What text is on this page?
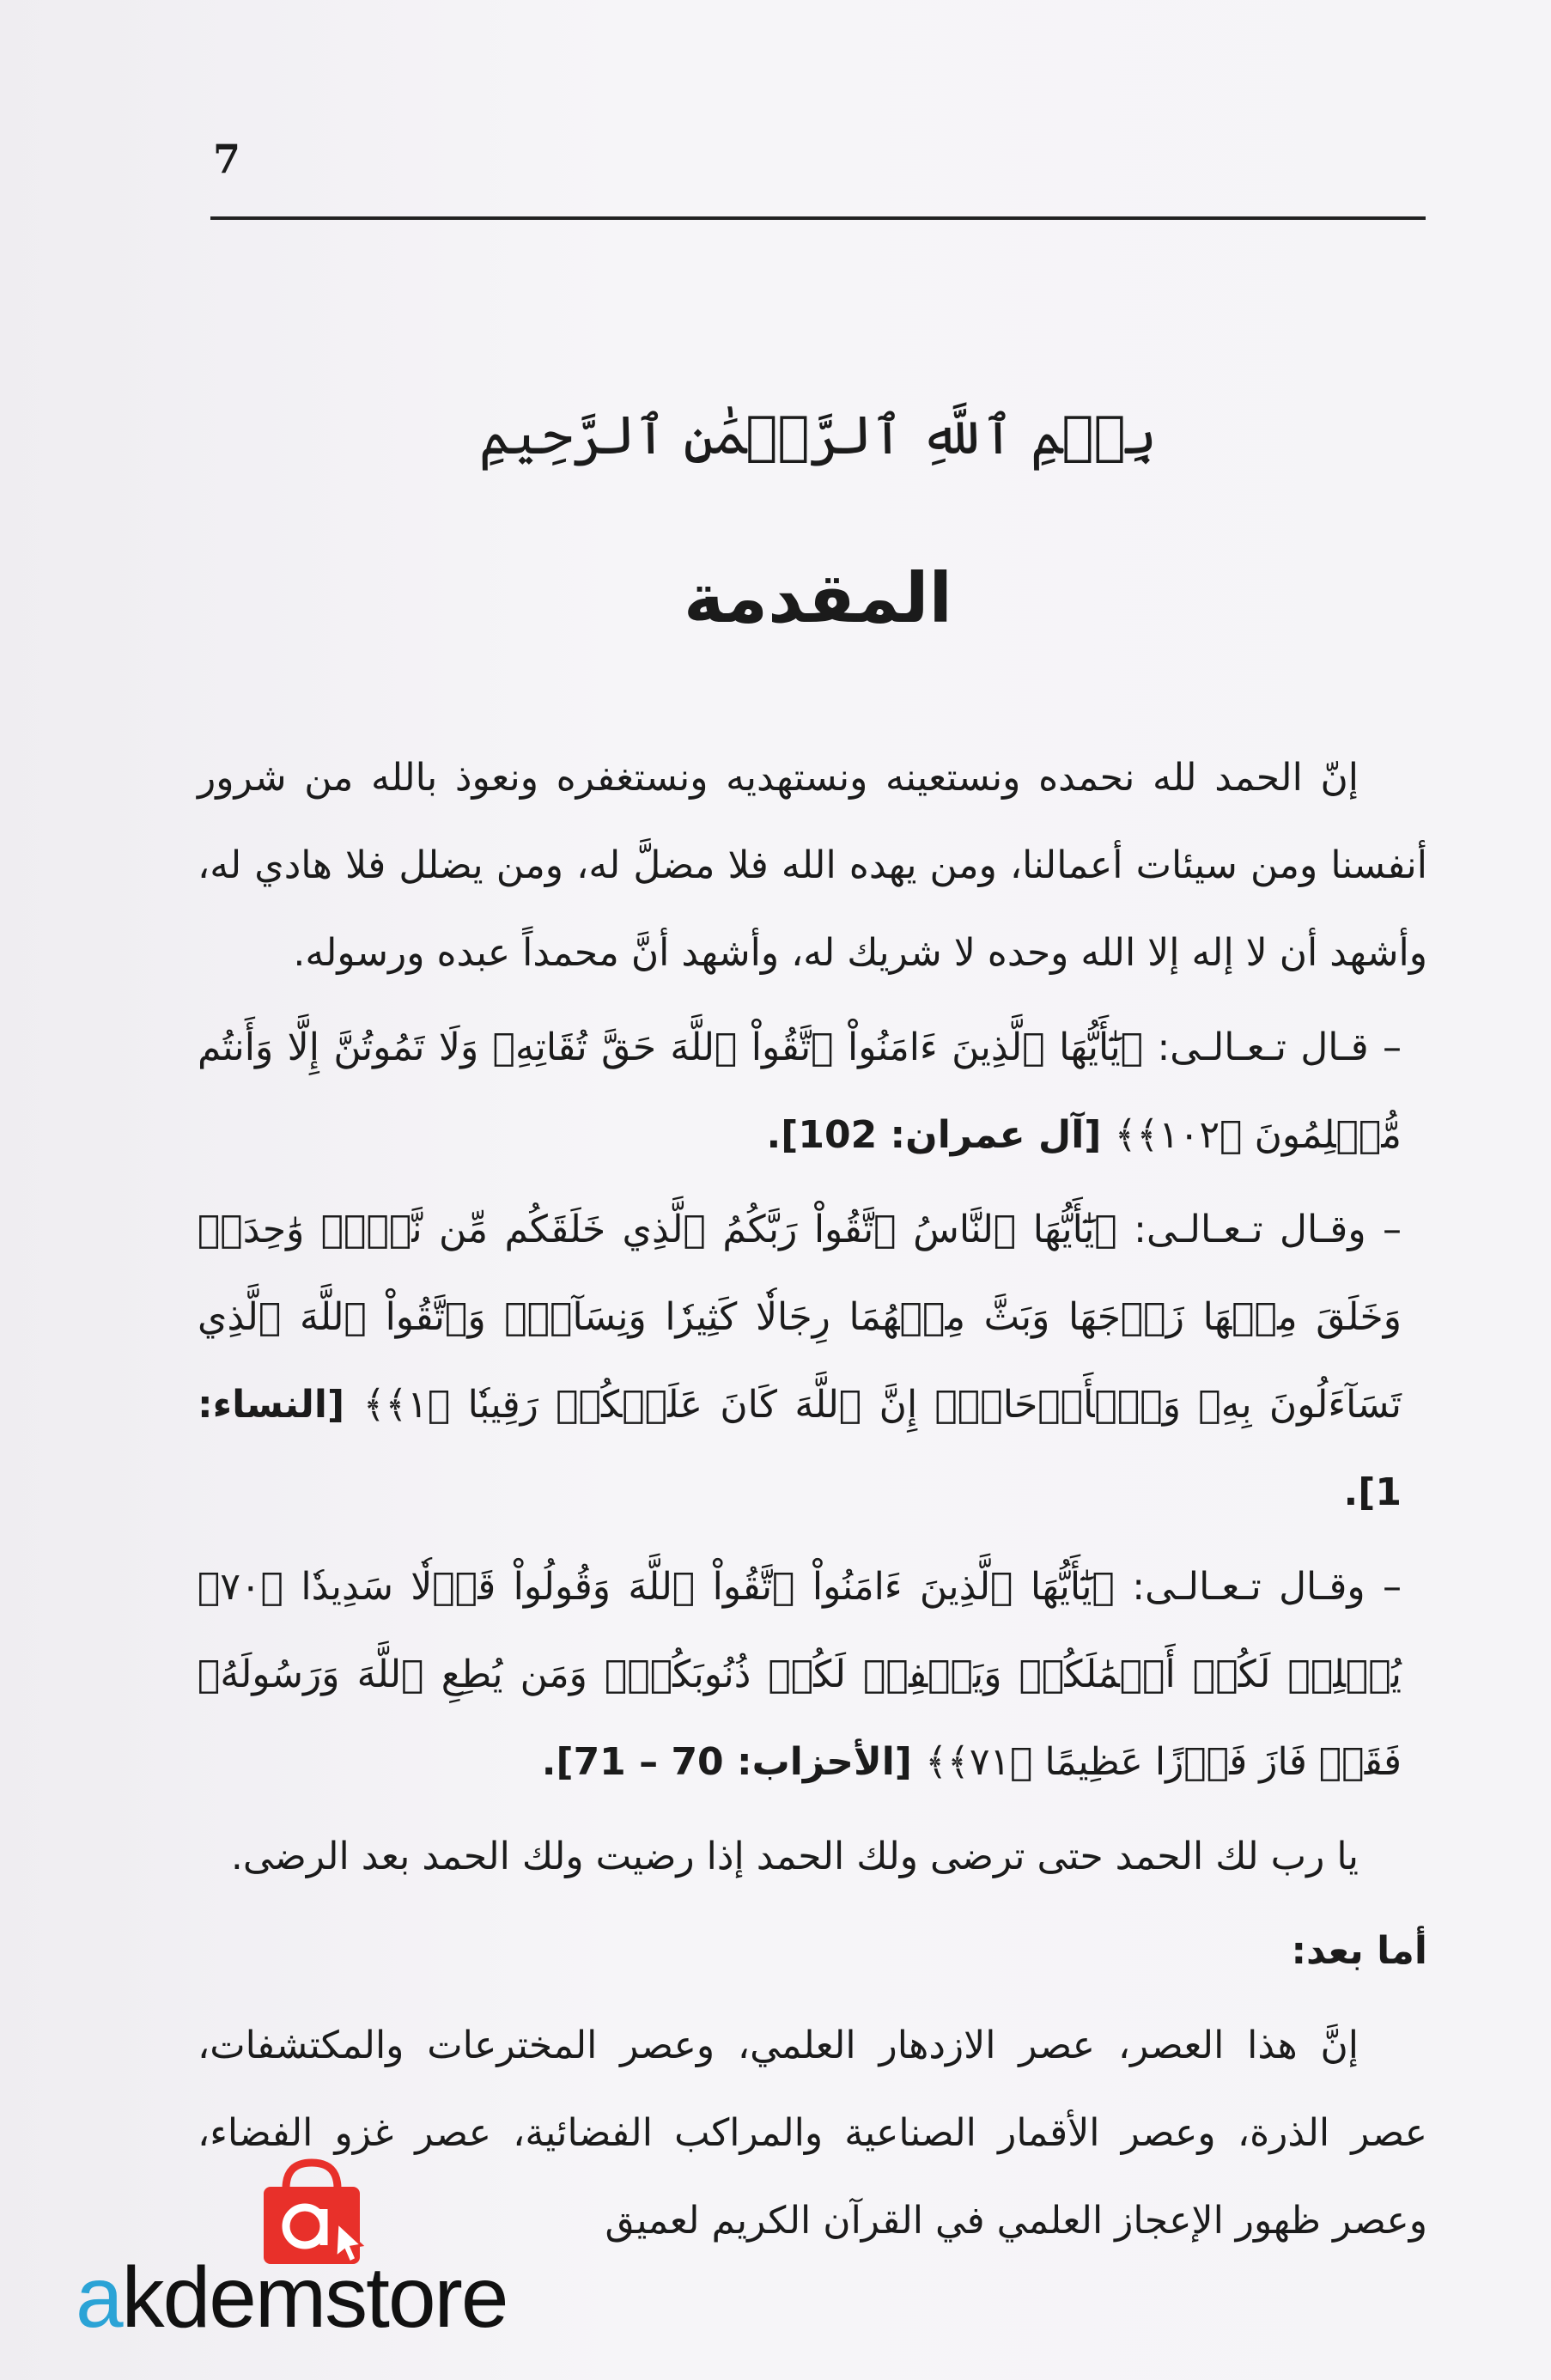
7
بِسۡمِ ٱللَّهِ ٱلرَّحۡمَٰنِ ٱلرَّحِيمِ
المقدمة

إنّ الحمد لله نحمده ونستعينه ونستهديه ونستغفره ونعوذ بالله من شرور أنفسنا ومن سيئات أعمالنا، ومن يهده الله فلا مضلَّ له، ومن يضلل فلا هادي له، وأشهد أن لا إله إلا الله وحده لا شريك له، وأشهد أنَّ محمداً عبده ورسوله.

– قـال تـعـالـى: ﴿يَٰٓأَيُّهَا ٱلَّذِينَ ءَامَنُواْ ٱتَّقُواْ ٱللَّهَ حَقَّ تُقَاتِهِۦ وَلَا تَمُوتُنَّ إِلَّا وَأَنتُم مُّسۡلِمُونَ ﴿١٠٢﴾﴾ [آل عمران: 102].

– وقـال تـعـالـى: ﴿يَٰٓأَيُّهَا ٱلنَّاسُ ٱتَّقُواْ رَبَّكُمُ ٱلَّذِي خَلَقَكُم مِّن نَّفۡسٖ وَٰحِدَةٖ وَخَلَقَ مِنۡهَا زَوۡجَهَا وَبَثَّ مِنۡهُمَا رِجَالٗا كَثِيرٗا وَنِسَآءٗۚ وَٱتَّقُواْ ٱللَّهَ ٱلَّذِي تَسَآءَلُونَ بِهِۦ وَٱلۡأَرۡحَامَۚ إِنَّ ٱللَّهَ كَانَ عَلَيۡكُمۡ رَقِيبٗا ﴿١﴾﴾ [النساء: 1].

– وقـال تـعـالـى: ﴿يَٰٓأَيُّهَا ٱلَّذِينَ ءَامَنُواْ ٱتَّقُواْ ٱللَّهَ وَقُولُواْ قَوۡلٗا سَدِيدٗا ﴿٧٠﴾ يُصۡلِحۡ لَكُمۡ أَعۡمَٰلَكُمۡ وَيَغۡفِرۡ لَكُمۡ ذُنُوبَكُمۡۗ وَمَن يُطِعِ ٱللَّهَ وَرَسُولَهُۥ فَقَدۡ فَازَ فَوۡزًا عَظِيمًا ﴿٧١﴾﴾ [الأحزاب: 70 – 71].

يا رب لك الحمد حتى ترضى ولك الحمد إذا رضيت ولك الحمد بعد الرضى.

أما بعد:

إنَّ هذا العصر، عصر الازدهار العلمي، وعصر المخترعات والمكتشفات، عصر الذرة، وعصر الأقمار الصناعية والمراكب الفضائية، عصر غزو الفضاء، وعصر ظهور الإعجاز العلمي في القرآن الكريم لعميق

akdemstore
